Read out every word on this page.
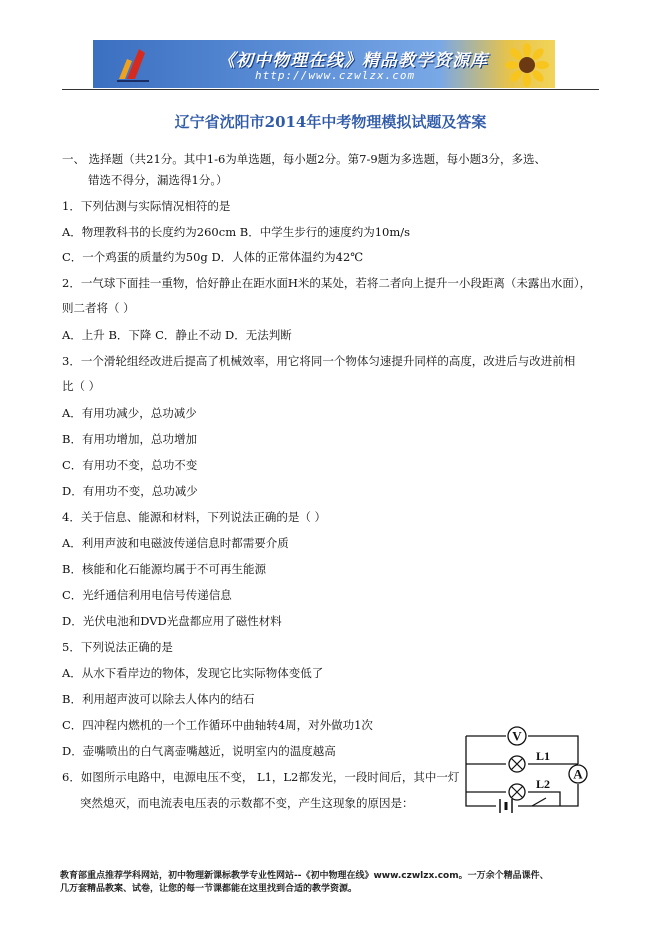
《初中物理在线》精品教学资源库
http://www.czwlzx.com
辽宁省沈阳市2014年中考物理模拟试题及答案
一、 选择题（共21分。其中1-6为单选题，每小题2分。第7-9题为多选题，每小题3分，多选、
错选不得分，漏选得1分。）
1．下列估测与实际情况相符的是
A．物理教科书的长度约为260cm B．中学生步行的速度约为10m/s
C．一个鸡蛋的质量约为50g D．人体的正常体温约为42℃
2．一气球下面挂一重物，恰好静止在距水面H米的某处，若将二者向上提升一小段距离（未露出水面），
则二者将（ ）
A．上升 B．下降 C．静止不动 D．无法判断
3．一个滑轮组经改进后提高了机械效率，用它将同一个物体匀速提升同样的高度，改进后与改进前相
比（ ）
A．有用功减少，总功减少
B．有用功增加，总功增加
C．有用功不变，总功不变
D．有用功不变，总功减少
4．关于信息、能源和材料，下列说法正确的是（ ）
A．利用声波和电磁波传递信息时都需要介质
B．核能和化石能源均属于不可再生能源
C．光纤通信利用电信号传递信息
D．光伏电池和DVD光盘都应用了磁性材料
5．下列说法正确的是
A．从水下看岸边的物体，发现它比实际物体变低了
B．利用超声波可以除去人体内的结石
C．四冲程内燃机的一个工作循环中曲轴转4周，对外做功1次
D．壶嘴喷出的白气离壶嘴越近，说明室内的温度越高
6．如图所示电路中，电源电压不变， L1，L2都发光，一段时间后，其中一灯
突然熄灭，而电流表电压表的示数都不变，产生这现象的原因是：
V
L1
L2
A
教育部重点推荐学科网站，初中物理新课标教学专业性网站--《初中物理在线》www.czwlzx.com。一万余个精品课件、
几万套精品教案、试卷，让您的每一节课都能在这里找到合适的教学资源。
